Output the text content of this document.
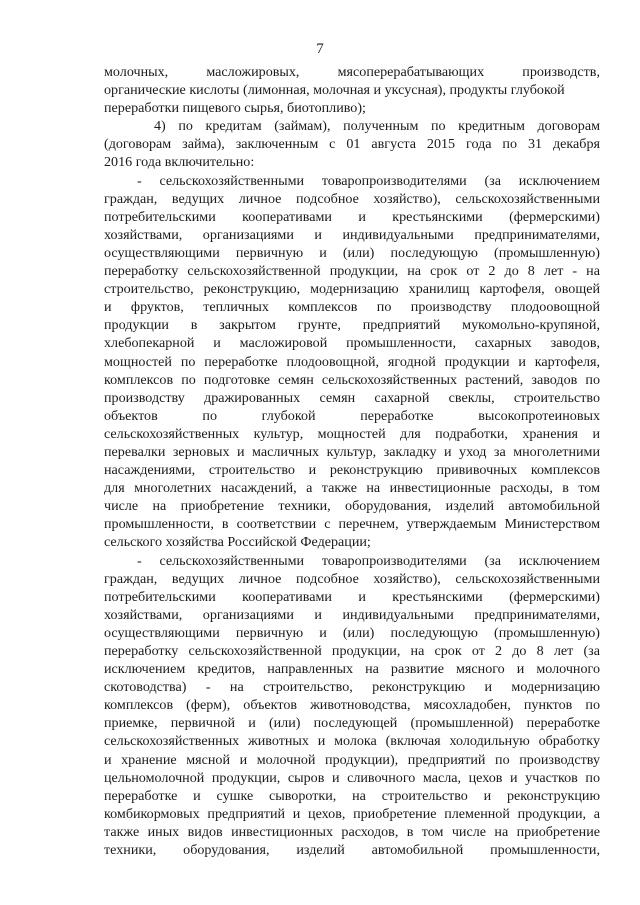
7
молочных, масложировых, мясоперерабатывающих производств,
органические кислоты (лимонная, молочная и уксусная), продукты глубокой
переработки пищевого сырья, биотопливо);
4) по кредитам (займам), полученным по кредитным договорам
(договорам займа), заключенным с 01 августа 2015 года по 31 декабря
2016 года включительно:
- сельскохозяйственными товаропроизводителями (за исключением
граждан, ведущих личное подсобное хозяйство), сельскохозяйственными
потребительскими кооперативами и крестьянскими (фермерскими)
хозяйствами, организациями и индивидуальными предпринимателями,
осуществляющими первичную и (или) последующую (промышленную)
переработку сельскохозяйственной продукции, на срок от 2 до 8 лет - на
строительство, реконструкцию, модернизацию хранилищ картофеля, овощей
и фруктов, тепличных комплексов по производству плодоовощной
продукции в закрытом грунте, предприятий мукомольно-крупяной,
хлебопекарной и масложировой промышленности, сахарных заводов,
мощностей по переработке плодоовощной, ягодной продукции и картофеля,
комплексов по подготовке семян сельскохозяйственных растений, заводов по
производству дражированных семян сахарной свеклы, строительство
объектов по глубокой переработке высокопротеиновых
сельскохозяйственных культур, мощностей для подработки, хранения и
перевалки зерновых и масличных культур, закладку и уход за многолетними
насаждениями, строительство и реконструкцию прививочных комплексов
для многолетних насаждений, а также на инвестиционные расходы, в том
числе на приобретение техники, оборудования, изделий автомобильной
промышленности, в соответствии с перечнем, утверждаемым Министерством
сельского хозяйства Российской Федерации;
- сельскохозяйственными товаропроизводителями (за исключением
граждан, ведущих личное подсобное хозяйство), сельскохозяйственными
потребительскими кооперативами и крестьянскими (фермерскими)
хозяйствами, организациями и индивидуальными предпринимателями,
осуществляющими первичную и (или) последующую (промышленную)
переработку сельскохозяйственной продукции, на срок от 2 до 8 лет (за
исключением кредитов, направленных на развитие мясного и молочного
скотоводства) - на строительство, реконструкцию и модернизацию
комплексов (ферм), объектов животноводства, мясохладобен, пунктов по
приемке, первичной и (или) последующей (промышленной) переработке
сельскохозяйственных животных и молока (включая холодильную обработку
и хранение мясной и молочной продукции), предприятий по производству
цельномолочной продукции, сыров и сливочного масла, цехов и участков по
переработке и сушке сыворотки, на строительство и реконструкцию
комбикормовых предприятий и цехов, приобретение племенной продукции, а
также иных видов инвестиционных расходов, в том числе на приобретение
техники, оборудования, изделий автомобильной промышленности,
